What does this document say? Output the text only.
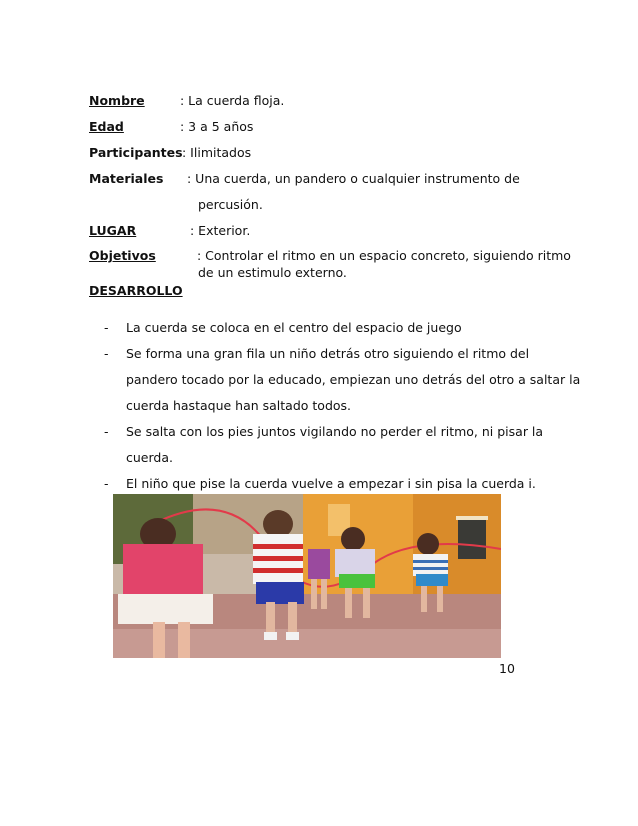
Nombre	: La cuerda floja.
Edad	: 3 a 5 años
Participantes : Ilimitados
Materiales : Una cuerda, un pandero o cualquier instrumento de
percusión.
LUGAR	: Exterior.
Objetivos	: Controlar el ritmo en un espacio concreto, siguiendo ritmo
de un estimulo externo.
DESARROLLO
- La cuerda se coloca en el centro del espacio de juego
- Se forma una gran fila un niño detrás otro siguiendo el ritmo del
pandero tocado por la educado, empiezan uno detrás del otro a saltar la
cuerda hastaque han saltado todos.
- Se salta con los pies juntos vigilando no perder el ritmo, ni pisar la
cuerda.
- El niño que pise la cuerda vuelve a empezar i sin pisa la cuerda i.
10
